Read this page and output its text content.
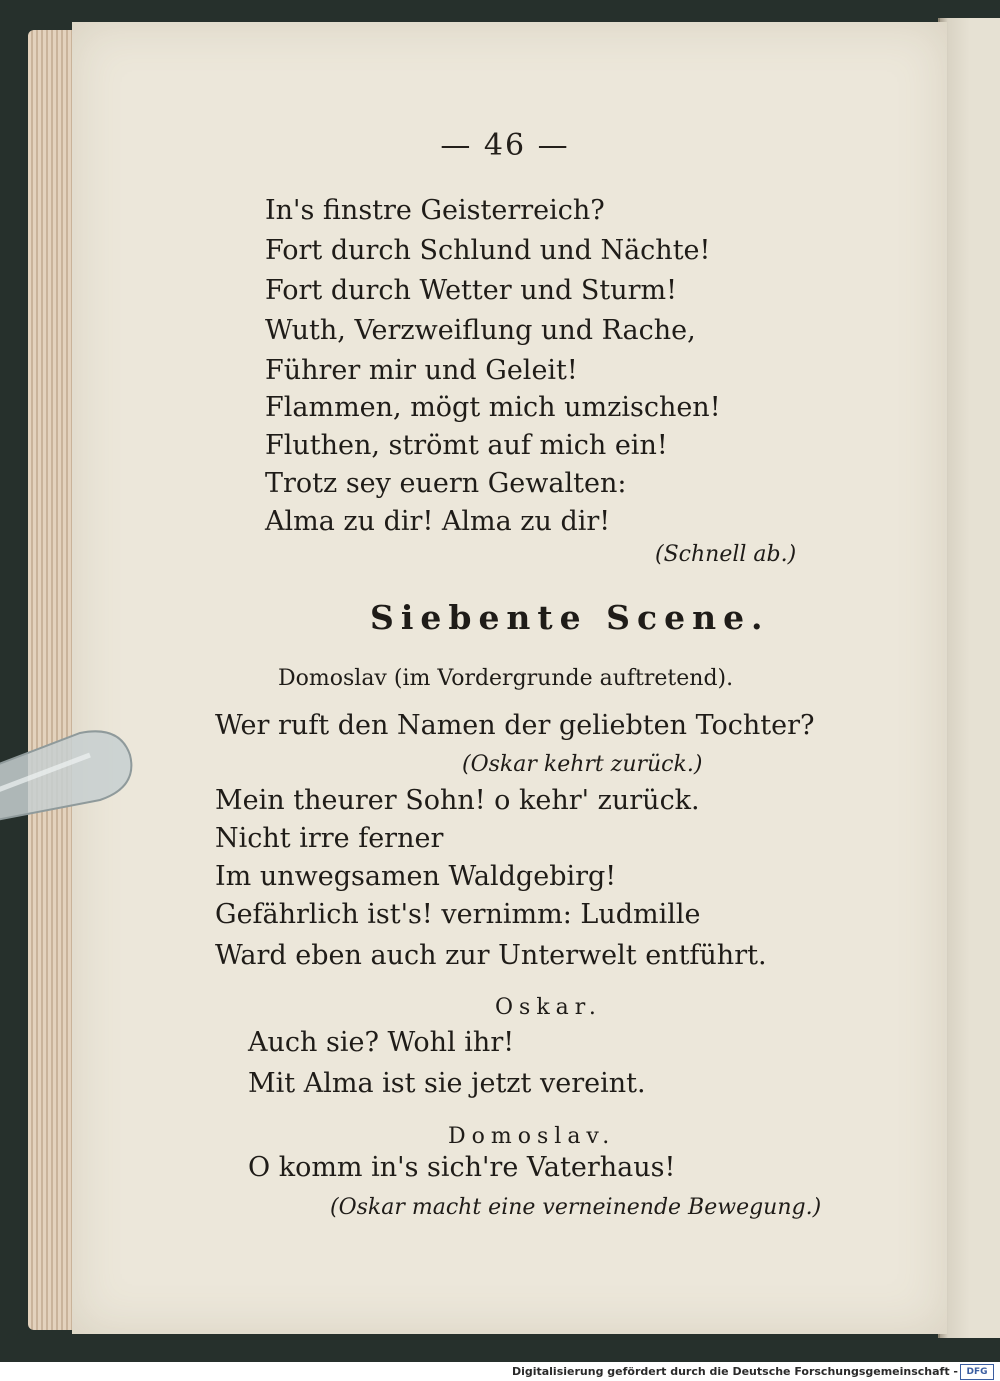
— 46 —
In's finstre Geisterreich?
Fort durch Schlund und Nächte!
Fort durch Wetter und Sturm!
Wuth, Verzweiflung und Rache,
Führer mir und Geleit!
Flammen, mögt mich umzischen!
Fluthen, strömt auf mich ein!
Trotz sey euern Gewalten:
Alma zu dir! Alma zu dir!
(Schnell ab.)
Siebente Scene.
Domoslav (im Vordergrunde auftretend).
Wer ruft den Namen der geliebten Tochter?
(Oskar kehrt zurück.)
Mein theurer Sohn! o kehr' zurück.
Nicht irre ferner
Im unwegsamen Waldgebirg!
Gefährlich ist's! vernimm: Ludmille
Ward eben auch zur Unterwelt entführt.
Oskar.
Auch sie? Wohl ihr!
Mit Alma ist sie jetzt vereint.
Domoslav.
O komm in's sich're Vaterhaus!
(Oskar macht eine verneinende Bewegung.)
Digitalisierung gefördert durch die Deutsche Forschungsgemeinschaft - DFG
